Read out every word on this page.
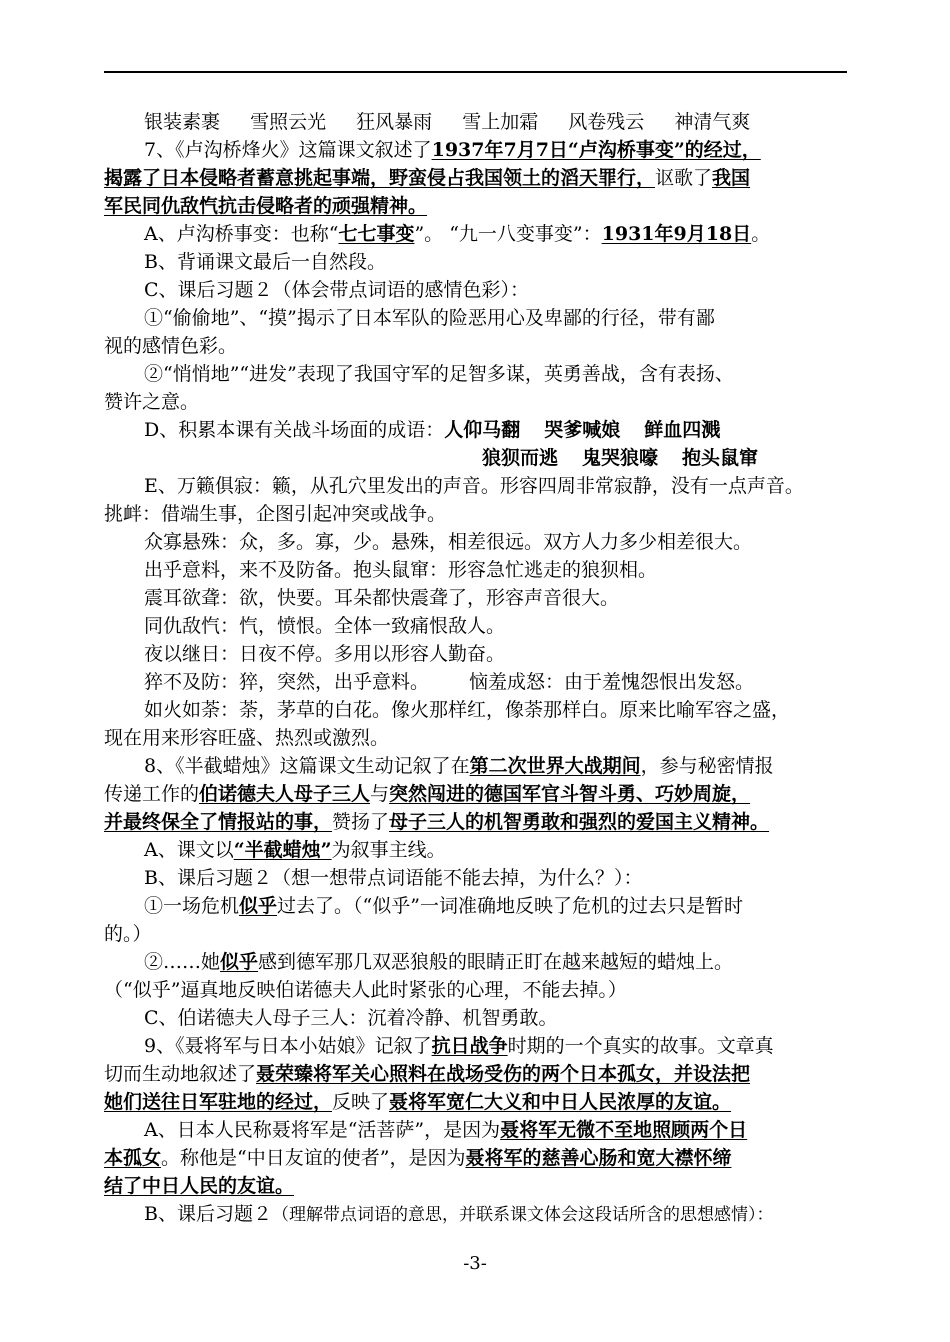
银装素裹 雪照云光 狂风暴雨 雪上加霜 风卷残云 神清气爽
7、《卢沟桥烽火》这篇课文叙述了1937年7月7日“卢沟桥事变”的经过，
揭露了日本侵略者蓄意挑起事端，野蛮侵占我国领土的滔天罪行，讴歌了我国
军民同仇敌忾抗击侵略者的顽强精神。
A、卢沟桥事变：也称“七七事变”。 “九一八变事变”：1931年9月18日。
B、背诵课文最后一自然段。
C、课后习题２（体会带点词语的感情色彩）：
①“偷偷地”、“摸”揭示了日本军队的险恶用心及卑鄙的行径，带有鄙
视的感情色彩。
②“悄悄地”“进发”表现了我国守军的足智多谋，英勇善战，含有表扬、
赞许之意。
D、积累本课有关战斗场面的成语：人仰马翻 哭爹喊娘 鲜血四溅
狼狈而逃 鬼哭狼嚎 抱头鼠窜
E、万籁俱寂：籁，从孔穴里发出的声音。形容四周非常寂静，没有一点声音。
挑衅：借端生事，企图引起冲突或战争。
众寡悬殊：众，多。寡，少。悬殊，相差很远。双方人力多少相差很大。
出乎意料，来不及防备。抱头鼠窜：形容急忙逃走的狼狈相。
震耳欲聋：欲，快要。耳朵都快震聋了，形容声音很大。
同仇敌忾：忾，愤恨。全体一致痛恨敌人。
夜以继日：日夜不停。多用以形容人勤奋。
猝不及防：猝，突然，出乎意料。 恼羞成怒：由于羞愧怨恨出发怒。
如火如荼：荼，茅草的白花。像火那样红，像荼那样白。原来比喻军容之盛，
现在用来形容旺盛、热烈或激烈。
8、《半截蜡烛》这篇课文生动记叙了在第二次世界大战期间，参与秘密情报
传递工作的伯诺德夫人母子三人与突然闯进的德国军官斗智斗勇、巧妙周旋，
并最终保全了情报站的事，赞扬了母子三人的机智勇敢和强烈的爱国主义精神。
A、课文以“半截蜡烛”为叙事主线。
B、课后习题２（想一想带点词语能不能去掉，为什么？）：
①一场危机似乎过去了。（“似乎”一词准确地反映了危机的过去只是暂时
的。）
②……她似乎感到德军那几双恶狼般的眼睛正盯在越来越短的蜡烛上。
（“似乎”逼真地反映伯诺德夫人此时紧张的心理，不能去掉。）
C、伯诺德夫人母子三人：沉着冷静、机智勇敢。
9、《聂将军与日本小姑娘》记叙了抗日战争时期的一个真实的故事。文章真
切而生动地叙述了聂荣臻将军关心照料在战场受伤的两个日本孤女，并设法把
她们送往日军驻地的经过，反映了聂将军宽仁大义和中日人民浓厚的友谊。
A、日本人民称聂将军是“活菩萨”，是因为聂将军无微不至地照顾两个日
本孤女。称他是“中日友谊的使者”，是因为聂将军的慈善心肠和宽大襟怀缔
结了中日人民的友谊。
B、课后习题２（理解带点词语的意思，并联系课文体会这段话所含的思想感情）：
-3-
